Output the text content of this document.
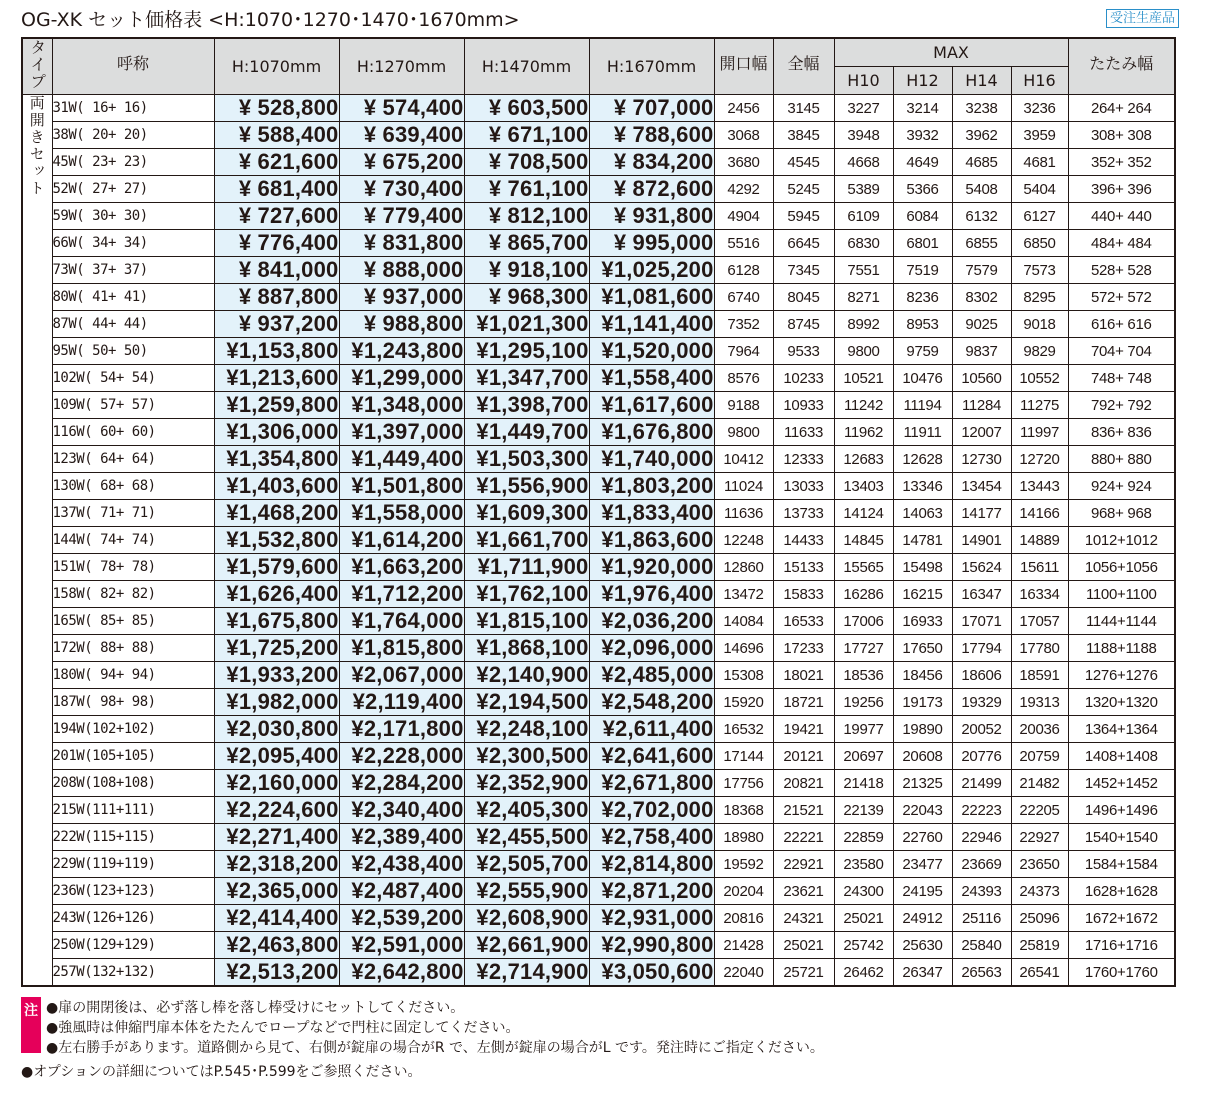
OG-XK セット価格表 <H:1070･1270･1470･1670mm>	受注生産品
タイプ	呼称	H:1070mm	H:1270mm	H:1470mm	H:1670mm	開口幅	全幅	MAX				たたみ幅
								H10	H12	H14	H16	
両開きセット	31W( 16+ 16)	¥ 528,800	¥ 574,400	¥ 603,500	¥ 707,000	2456	3145	3227	3214	3238	3236	264+ 264
	38W( 20+ 20)	¥ 588,400	¥ 639,400	¥ 671,100	¥ 788,600	3068	3845	3948	3932	3962	3959	308+ 308
	45W( 23+ 23)	¥ 621,600	¥ 675,200	¥ 708,500	¥ 834,200	3680	4545	4668	4649	4685	4681	352+ 352
	52W( 27+ 27)	¥ 681,400	¥ 730,400	¥ 761,100	¥ 872,600	4292	5245	5389	5366	5408	5404	396+ 396
	59W( 30+ 30)	¥ 727,600	¥ 779,400	¥ 812,100	¥ 931,800	4904	5945	6109	6084	6132	6127	440+ 440
	66W( 34+ 34)	¥ 776,400	¥ 831,800	¥ 865,700	¥ 995,000	5516	6645	6830	6801	6855	6850	484+ 484
	73W( 37+ 37)	¥ 841,000	¥ 888,000	¥ 918,100	¥1,025,200	6128	7345	7551	7519	7579	7573	528+ 528
	80W( 41+ 41)	¥ 887,800	¥ 937,000	¥ 968,300	¥1,081,600	6740	8045	8271	8236	8302	8295	572+ 572
	87W( 44+ 44)	¥ 937,200	¥ 988,800	¥1,021,300	¥1,141,400	7352	8745	8992	8953	9025	9018	616+ 616
	95W( 50+ 50)	¥1,153,800	¥1,243,800	¥1,295,100	¥1,520,000	7964	9533	9800	9759	9837	9829	704+ 704
	102W( 54+ 54)	¥1,213,600	¥1,299,000	¥1,347,700	¥1,558,400	8576	10233	10521	10476	10560	10552	748+ 748
	109W( 57+ 57)	¥1,259,800	¥1,348,000	¥1,398,700	¥1,617,600	9188	10933	11242	11194	11284	11275	792+ 792
	116W( 60+ 60)	¥1,306,000	¥1,397,000	¥1,449,700	¥1,676,800	9800	11633	11962	11911	12007	11997	836+ 836
	123W( 64+ 64)	¥1,354,800	¥1,449,400	¥1,503,300	¥1,740,000	10412	12333	12683	12628	12730	12720	880+ 880
	130W( 68+ 68)	¥1,403,600	¥1,501,800	¥1,556,900	¥1,803,200	11024	13033	13403	13346	13454	13443	924+ 924
	137W( 71+ 71)	¥1,468,200	¥1,558,000	¥1,609,300	¥1,833,400	11636	13733	14124	14063	14177	14166	968+ 968
	144W( 74+ 74)	¥1,532,800	¥1,614,200	¥1,661,700	¥1,863,600	12248	14433	14845	14781	14901	14889	1012+1012
	151W( 78+ 78)	¥1,579,600	¥1,663,200	¥1,711,900	¥1,920,000	12860	15133	15565	15498	15624	15611	1056+1056
	158W( 82+ 82)	¥1,626,400	¥1,712,200	¥1,762,100	¥1,976,400	13472	15833	16286	16215	16347	16334	1100+1100
	165W( 85+ 85)	¥1,675,800	¥1,764,000	¥1,815,100	¥2,036,200	14084	16533	17006	16933	17071	17057	1144+1144
	172W( 88+ 88)	¥1,725,200	¥1,815,800	¥1,868,100	¥2,096,000	14696	17233	17727	17650	17794	17780	1188+1188
	180W( 94+ 94)	¥1,933,200	¥2,067,000	¥2,140,900	¥2,485,000	15308	18021	18536	18456	18606	18591	1276+1276
	187W( 98+ 98)	¥1,982,000	¥2,119,400	¥2,194,500	¥2,548,200	15920	18721	19256	19173	19329	19313	1320+1320
	194W(102+102)	¥2,030,800	¥2,171,800	¥2,248,100	¥2,611,400	16532	19421	19977	19890	20052	20036	1364+1364
	201W(105+105)	¥2,095,400	¥2,228,000	¥2,300,500	¥2,641,600	17144	20121	20697	20608	20776	20759	1408+1408
	208W(108+108)	¥2,160,000	¥2,284,200	¥2,352,900	¥2,671,800	17756	20821	21418	21325	21499	21482	1452+1452
	215W(111+111)	¥2,224,600	¥2,340,400	¥2,405,300	¥2,702,000	18368	21521	22139	22043	22223	22205	1496+1496
	222W(115+115)	¥2,271,400	¥2,389,400	¥2,455,500	¥2,758,400	18980	22221	22859	22760	22946	22927	1540+1540
	229W(119+119)	¥2,318,200	¥2,438,400	¥2,505,700	¥2,814,800	19592	22921	23580	23477	23669	23650	1584+1584
	236W(123+123)	¥2,365,000	¥2,487,400	¥2,555,900	¥2,871,200	20204	23621	24300	24195	24393	24373	1628+1628
	243W(126+126)	¥2,414,400	¥2,539,200	¥2,608,900	¥2,931,000	20816	24321	25021	24912	25116	25096	1672+1672
	250W(129+129)	¥2,463,800	¥2,591,000	¥2,661,900	¥2,990,800	21428	25021	25742	25630	25840	25819	1716+1716
	257W(132+132)	¥2,513,200	¥2,642,800	¥2,714,900	¥3,050,600	22040	25721	26462	26347	26563	26541	1760+1760
注 ●扉の開閉後は、必ず落し棒を落し棒受けにセットしてください。
●強風時は伸縮門扉本体をたたんでロープなどで門柱に固定してください。
●左右勝手があります。道路側から見て、右側が錠扉の場合がR で、左側が錠扉の場合がL です。発注時にご指定ください。
●オプションの詳細についてはP.545･P.599をご参照ください。
